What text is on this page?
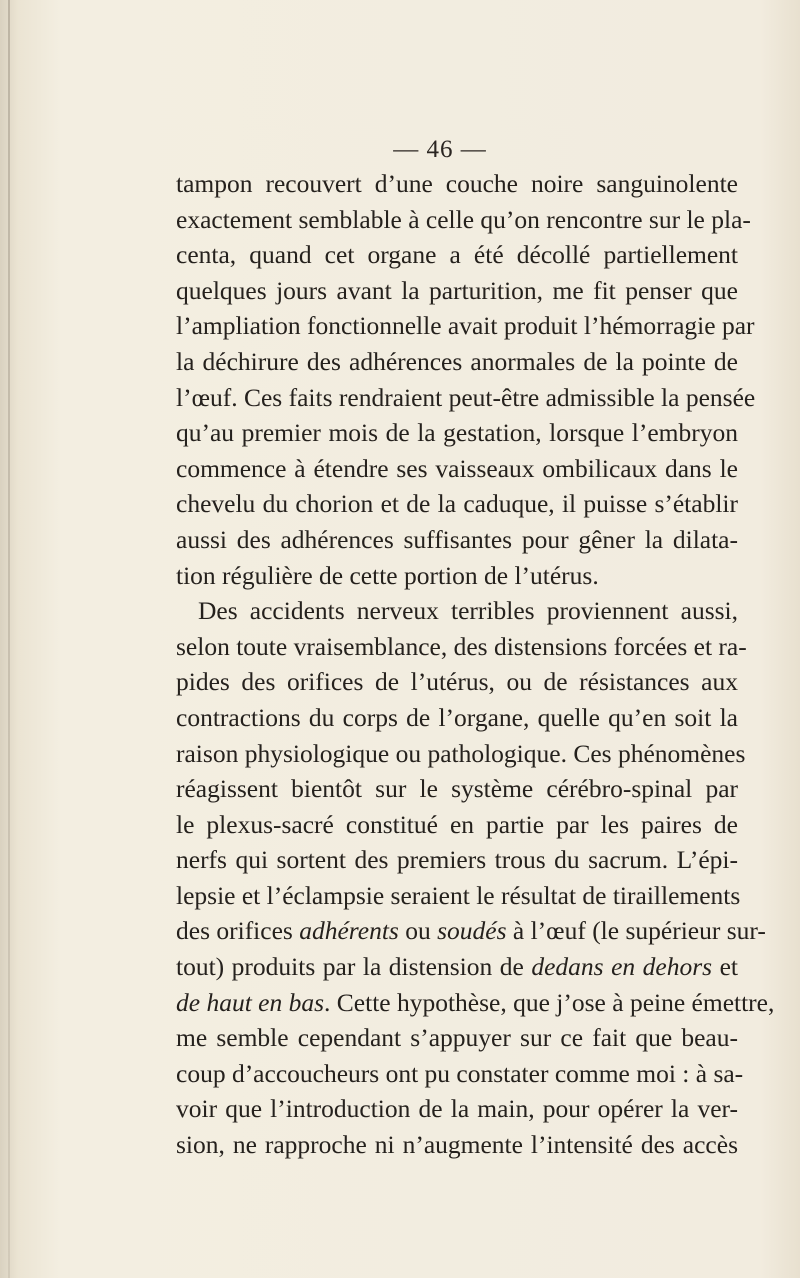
— 46 —
tampon recouvert d’une couche noire sanguinolente
exactement semblable à celle qu’on rencontre sur le pla-
centa, quand cet organe a été décollé partiellement
quelques jours avant la parturition, me fit penser que
l’ampliation fonctionnelle avait produit l’hémorragie par
la déchirure des adhérences anormales de la pointe de
l’œuf. Ces faits rendraient peut-être admissible la pensée
qu’au premier mois de la gestation, lorsque l’embryon
commence à étendre ses vaisseaux ombilicaux dans le
chevelu du chorion et de la caduque, il puisse s’établir
aussi des adhérences suffisantes pour gêner la dilata-
tion régulière de cette portion de l’utérus.
Des accidents nerveux terribles proviennent aussi,
selon toute vraisemblance, des distensions forcées et ra-
pides des orifices de l’utérus, ou de résistances aux
contractions du corps de l’organe, quelle qu’en soit la
raison physiologique ou pathologique. Ces phénomènes
réagissent bientôt sur le système cérébro-spinal par
le plexus-sacré constitué en partie par les paires de
nerfs qui sortent des premiers trous du sacrum. L’épi-
lepsie et l’éclampsie seraient le résultat de tiraillements
des orifices adhérents ou soudés à l’œuf (le supérieur sur-
tout) produits par la distension de dedans en dehors et
de haut en bas. Cette hypothèse, que j’ose à peine émettre,
me semble cependant s’appuyer sur ce fait que beau-
coup d’accoucheurs ont pu constater comme moi : à sa-
voir que l’introduction de la main, pour opérer la ver-
sion, ne rapproche ni n’augmente l’intensité des accès
